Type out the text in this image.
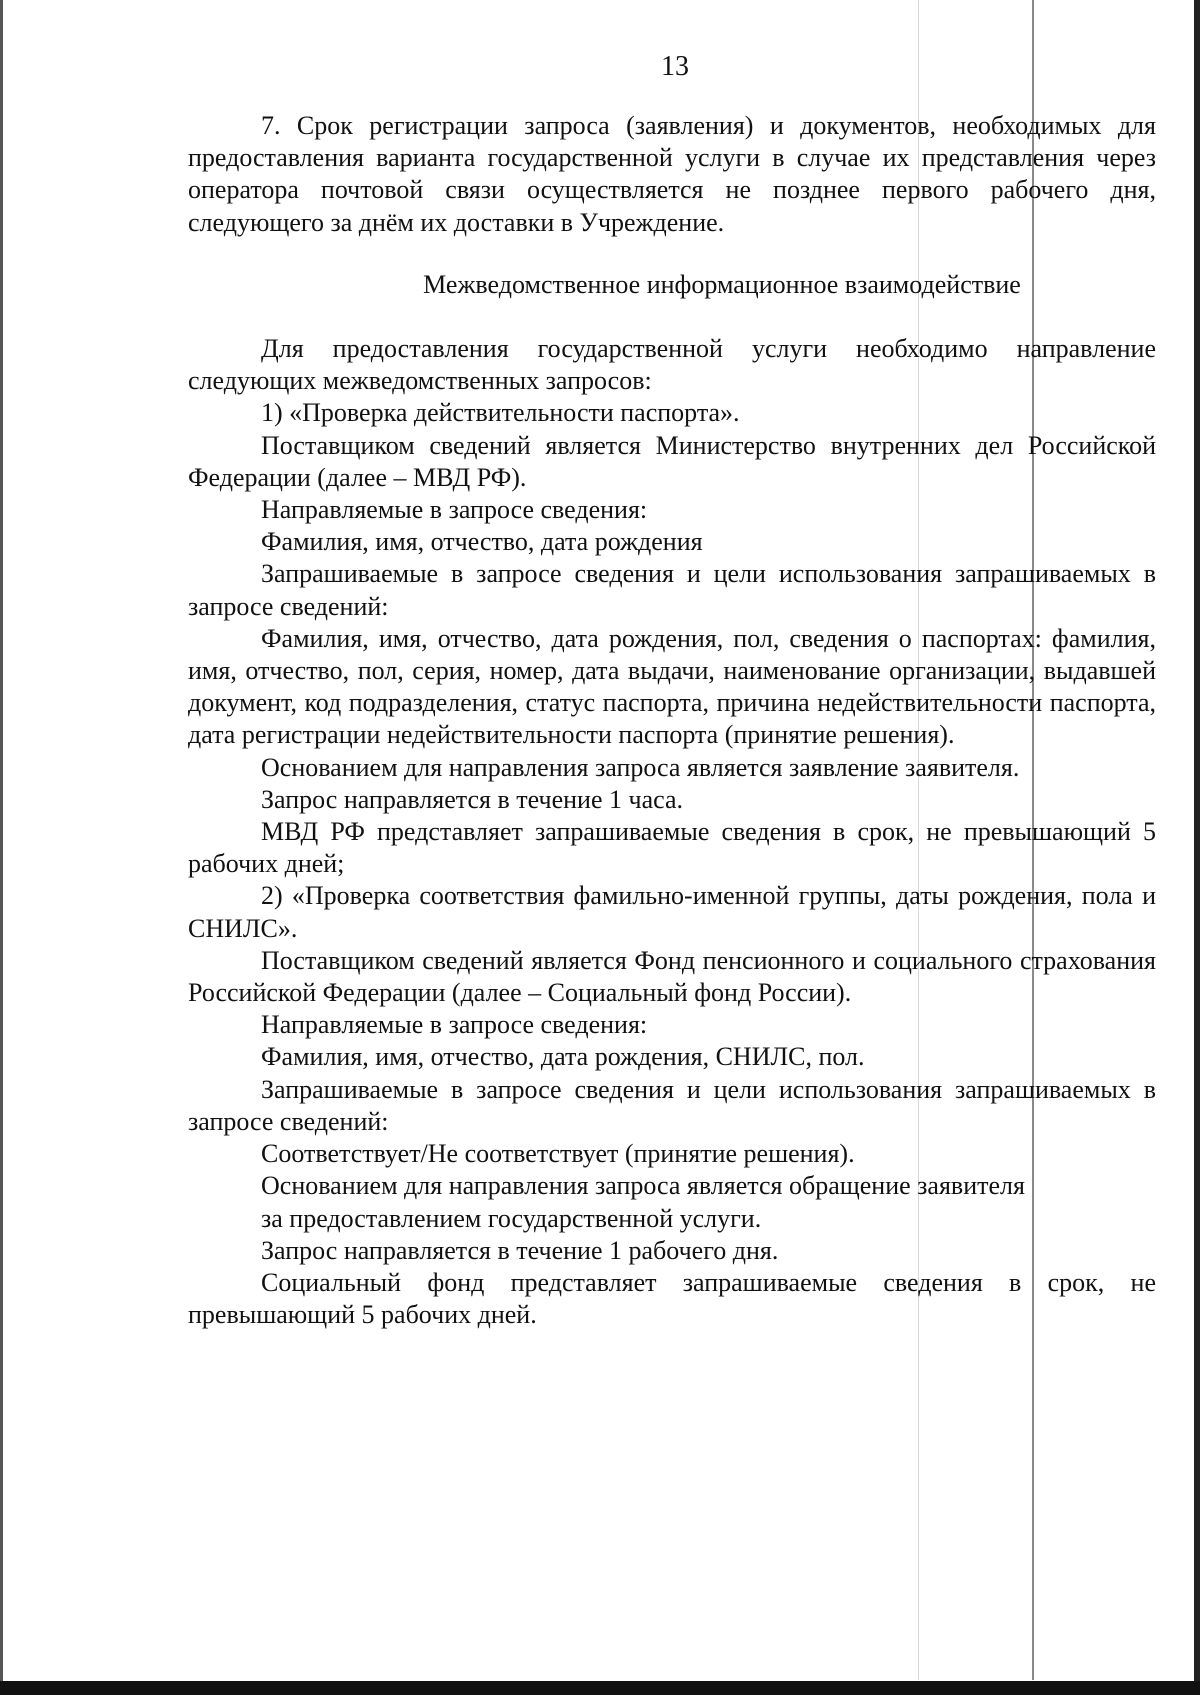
13

7. Срок регистрации запроса (заявления) и документов, необходимых для предоставления варианта государственной услуги в случае их представления через оператора почтовой связи осуществляется не позднее первого рабочего дня, следующего за днём их доставки в Учреждение.

Межведомственное информационное взаимодействие

Для предоставления государственной услуги необходимо направление следующих межведомственных запросов:

1) «Проверка действительности паспорта».

Поставщиком сведений является Министерство внутренних дел Российской Федерации (далее – МВД РФ).

Направляемые в запросе сведения:

Фамилия, имя, отчество, дата рождения

Запрашиваемые в запросе сведения и цели использования запрашиваемых в запросе сведений:

Фамилия, имя, отчество, дата рождения, пол, сведения о паспортах: фамилия, имя, отчество, пол, серия, номер, дата выдачи, наименование организации, выдавшей документ, код подразделения, статус паспорта, причина недействительности паспорта, дата регистрации недействительности паспорта (принятие решения).

Основанием для направления запроса является заявление заявителя.

Запрос направляется в течение 1 часа.

МВД РФ представляет запрашиваемые сведения в срок, не превышающий 5 рабочих дней;

2) «Проверка соответствия фамильно-именной группы, даты рождения, пола и СНИЛС».

Поставщиком сведений является Фонд пенсионного и социального страхования Российской Федерации (далее – Социальный фонд России).

Направляемые в запросе сведения:

Фамилия, имя, отчество, дата рождения, СНИЛС, пол.

Запрашиваемые в запросе сведения и цели использования запрашиваемых в запросе сведений:

Соответствует/Не соответствует (принятие решения).

Основанием для направления запроса является обращение заявителя

за предоставлением государственной услуги.

Запрос направляется в течение 1 рабочего дня.

Социальный фонд представляет запрашиваемые сведения в срок, не превышающий 5 рабочих дней.
